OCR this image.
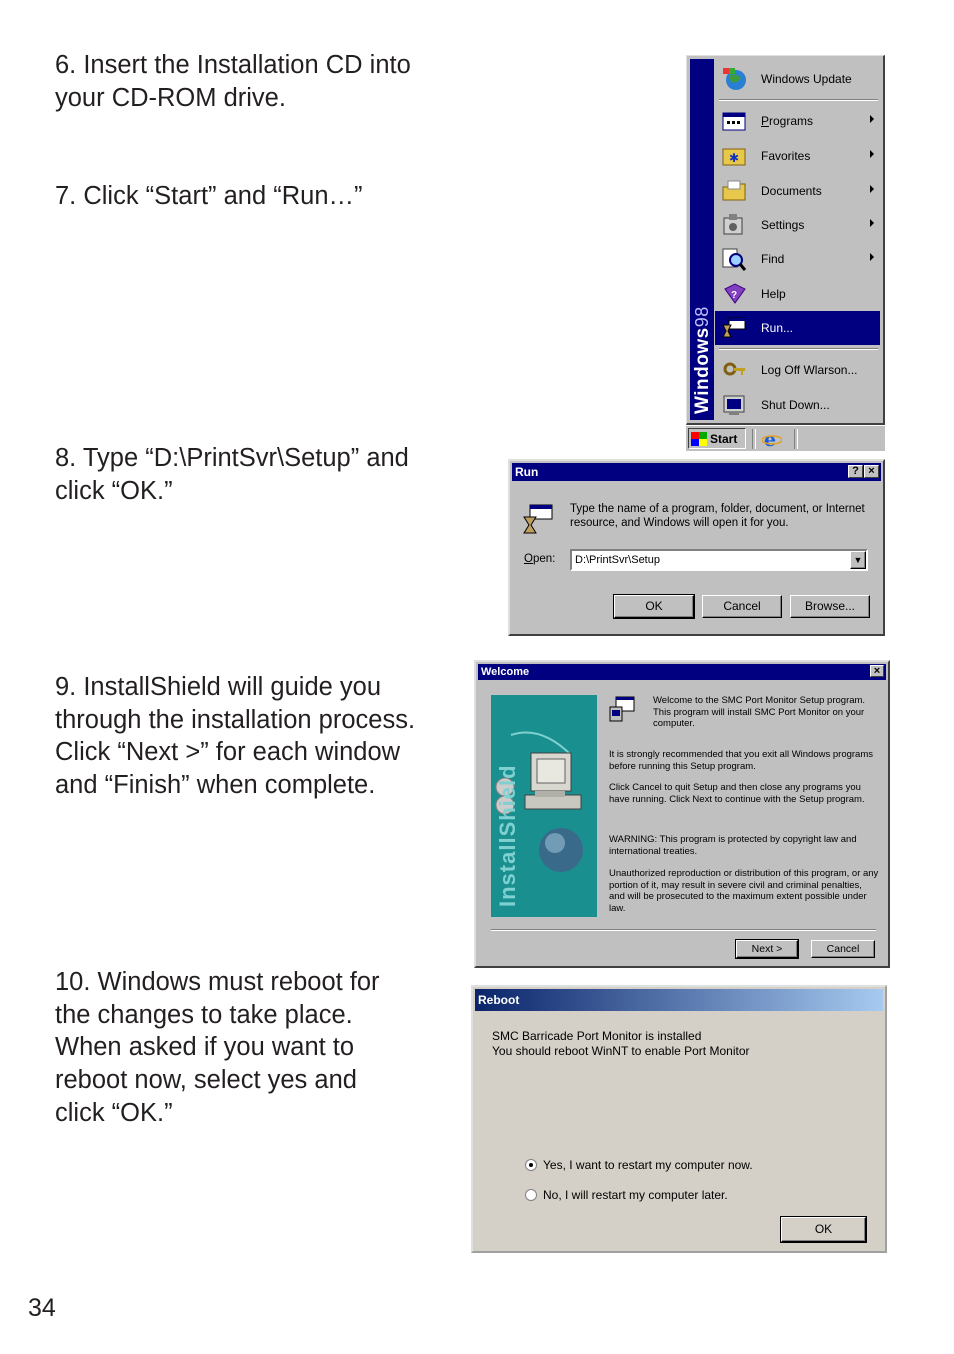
6. Insert the Installation CD into
your CD-ROM drive.
7. Click “Start” and “Run…”
8. Type “D:\PrintSvr\Setup” and
click “OK.”
9. InstallShield will guide you
through the installation process.
Click “Next >” for each window
and “Finish” when complete.
10. Windows must reboot for
the changes to take place.
When asked if you want to
reboot now, select yes and
click “OK.”
34
Windows98
Windows Update
Programs
✱ Favorites
Documents
Settings
Find
? Help
Run...
Log Off Wlarson...
Shut Down...
Start e
Run	? ×
Type the name of a program, folder, document, or Internet resource, and Windows will open it for you.
Open: D:\PrintSvr\Setup	▼
OK	Cancel	Browse...
Welcome	×
InstallShield
Welcome to the SMC Port Monitor Setup program. This program will install SMC Port Monitor on your computer.
It is strongly recommended that you exit all Windows programs before running this Setup program.
Click Cancel to quit Setup and then close any programs you have running. Click Next to continue with the Setup program.
WARNING: This program is protected by copyright law and international treaties.
Unauthorized reproduction or distribution of this program, or any portion of it, may result in severe civil and criminal penalties, and will be prosecuted to the maximum extent possible under law.
Next >	Cancel
Reboot
SMC Barricade Port Monitor is installed
You should reboot WinNT to enable Port Monitor
Yes, I want to restart my computer now.
No, I will restart my computer later.
OK
